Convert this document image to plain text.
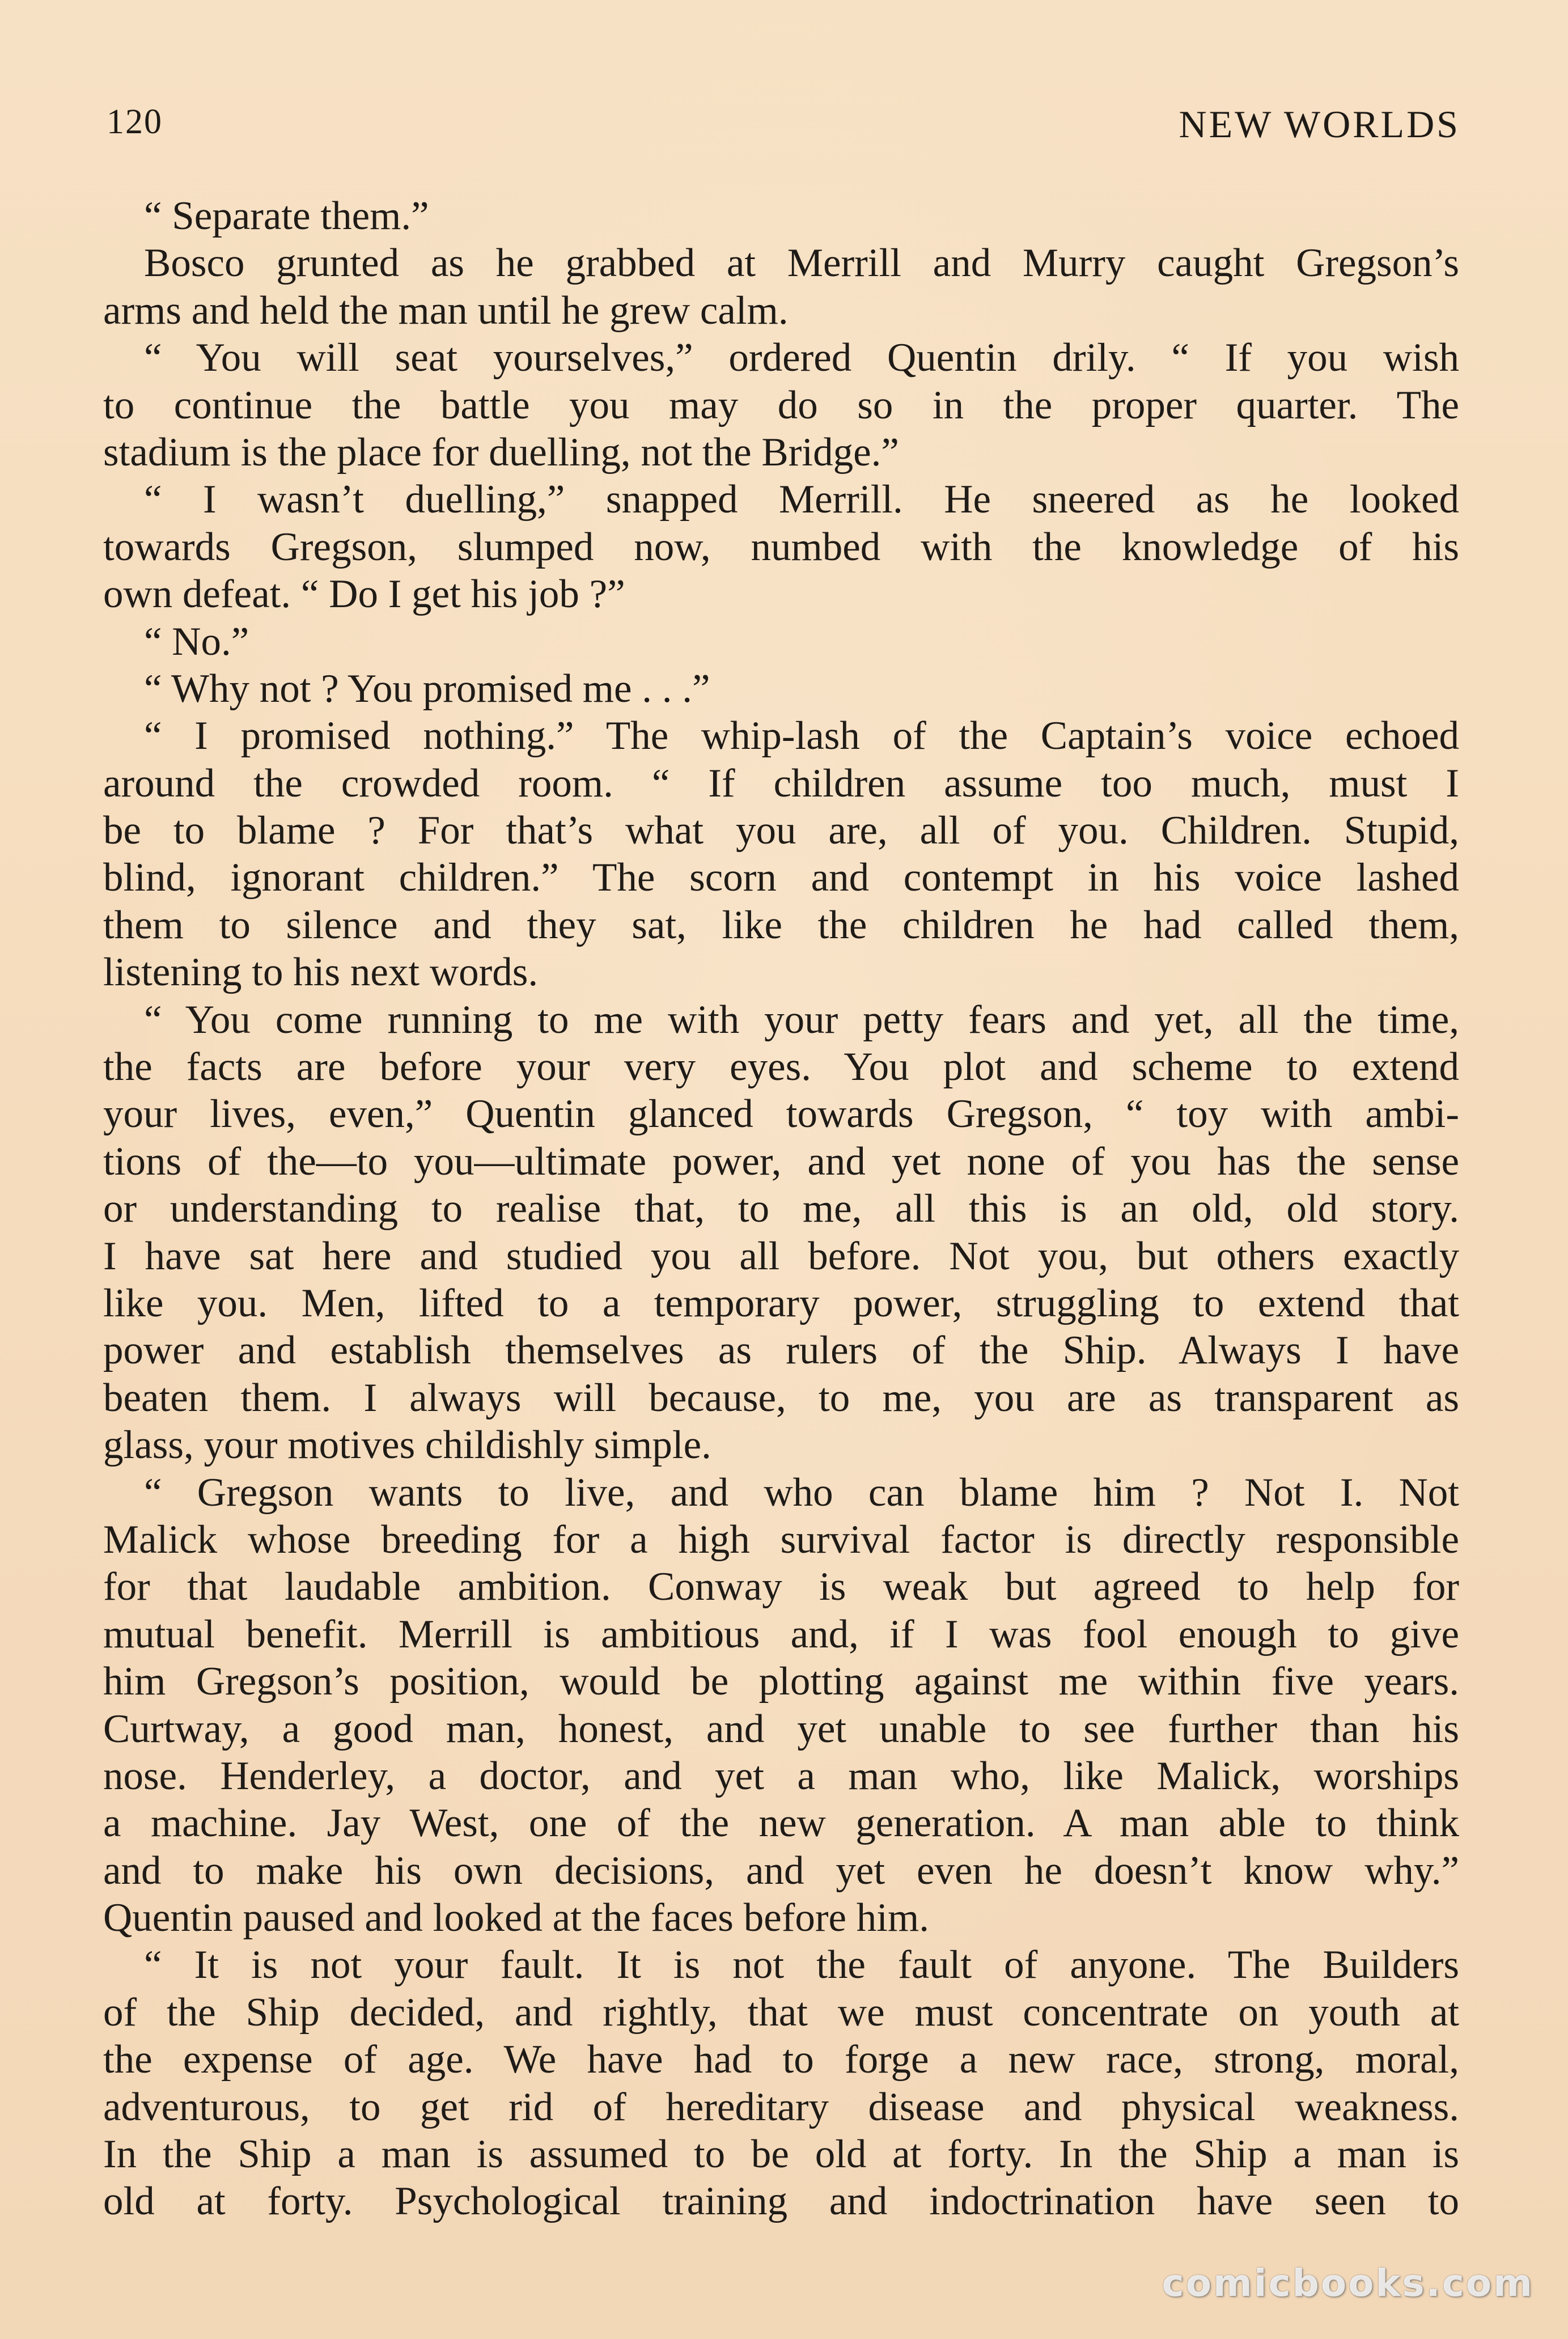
120	NEW WORLDS
“ Separate them.”
Bosco grunted as he grabbed at Merrill and Murry caught Gregson’s
arms and held the man until he grew calm.
“ You will seat yourselves,” ordered Quentin drily. “ If you wish
to continue the battle you may do so in the proper quarter. The
stadium is the place for duelling, not the Bridge.”
“ I wasn’t duelling,” snapped Merrill. He sneered as he looked
towards Gregson, slumped now, numbed with the knowledge of his
own defeat. “ Do I get his job ?”
“ No.”
“ Why not ? You promised me . . .”
“ I promised nothing.” The whip-lash of the Captain’s voice echoed
around the crowded room. “ If children assume too much, must I
be to blame ? For that’s what you are, all of you. Children. Stupid,
blind, ignorant children.” The scorn and contempt in his voice lashed
them to silence and they sat, like the children he had called them,
listening to his next words.
“ You come running to me with your petty fears and yet, all the time,
the facts are before your very eyes. You plot and scheme to extend
your lives, even,” Quentin glanced towards Gregson, “ toy with ambi-
tions of the—to you—ultimate power, and yet none of you has the sense
or understanding to realise that, to me, all this is an old, old story.
I have sat here and studied you all before. Not you, but others exactly
like you. Men, lifted to a temporary power, struggling to extend that
power and establish themselves as rulers of the Ship. Always I have
beaten them. I always will because, to me, you are as transparent as
glass, your motives childishly simple.
“ Gregson wants to live, and who can blame him ? Not I. Not
Malick whose breeding for a high survival factor is directly responsible
for that laudable ambition. Conway is weak but agreed to help for
mutual benefit. Merrill is ambitious and, if I was fool enough to give
him Gregson’s position, would be plotting against me within five years.
Curtway, a good man, honest, and yet unable to see further than his
nose. Henderley, a doctor, and yet a man who, like Malick, worships
a machine. Jay West, one of the new generation. A man able to think
and to make his own decisions, and yet even he doesn’t know why.”
Quentin paused and looked at the faces before him.
“ It is not your fault. It is not the fault of anyone. The Builders
of the Ship decided, and rightly, that we must concentrate on youth at
the expense of age. We have had to forge a new race, strong, moral,
adventurous, to get rid of hereditary disease and physical weakness.
In the Ship a man is assumed to be old at forty. In the Ship a man is
old at forty. Psychological training and indoctrination have seen to
comicbooks.com
